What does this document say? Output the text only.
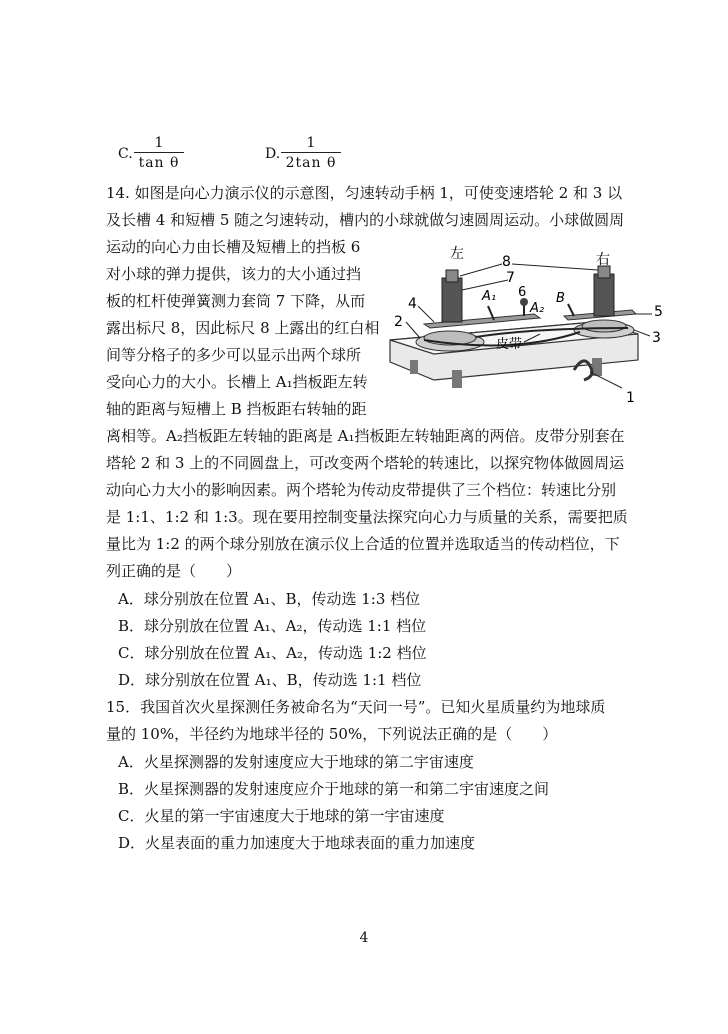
C.
1
tan θ
D.
1
2tan θ
14. 如图是向心力演示仪的示意图，匀速转动手柄 1，可使变速塔轮 2 和 3 以
及长槽 4 和短槽 5 随之匀速转动，槽内的小球就做匀速圆周运动。小球做圆周
运动的向心力由长槽及短槽上的挡板 6
对小球的弹力提供，该力的大小通过挡
板的杠杆使弹簧测力套筒 7 下降，从而
露出标尺 8，因此标尺 8 上露出的红白相
间等分格子的多少可以显示出两个球所
受向心力的大小。长槽上 A₁挡板距左转
轴的距离与短槽上 B 挡板距右转轴的距
离相等。A₂挡板距左转轴的距离是 A₁挡板距左转轴距离的两倍。皮带分别套在
塔轮 2 和 3 上的不同圆盘上，可改变两个塔轮的转速比，以探究物体做圆周运
动向心力大小的影响因素。两个塔轮为传动皮带提供了三个档位：转速比分别
是 1:1、1:2 和 1:3。现在要用控制变量法探究向心力与质量的关系，需要把质
量比为 1:2 的两个球分别放在演示仪上合适的位置并选取适当的传动档位，下
列正确的是（　　）
A．球分别放在位置 A₁、B，传动选 1:3 档位
B．球分别放在位置 A₁、A₂，传动选 1:1 档位
C．球分别放在位置 A₁、A₂，传动选 1:2 档位
D．球分别放在位置 A₁、B，传动选 1:1 档位
左	右
8
7
4
2
A₁ 6
A₂
B
5
3
皮带
1
15．我国首次火星探测任务被命名为“天问一号”。已知火星质量约为地球质
量的 10%，半径约为地球半径的 50%，下列说法正确的是（　　）
A．火星探测器的发射速度应大于地球的第二宇宙速度
B．火星探测器的发射速度应介于地球的第一和第二宇宙速度之间
C．火星的第一宇宙速度大于地球的第一宇宙速度
D．火星表面的重力加速度大于地球表面的重力加速度
4
